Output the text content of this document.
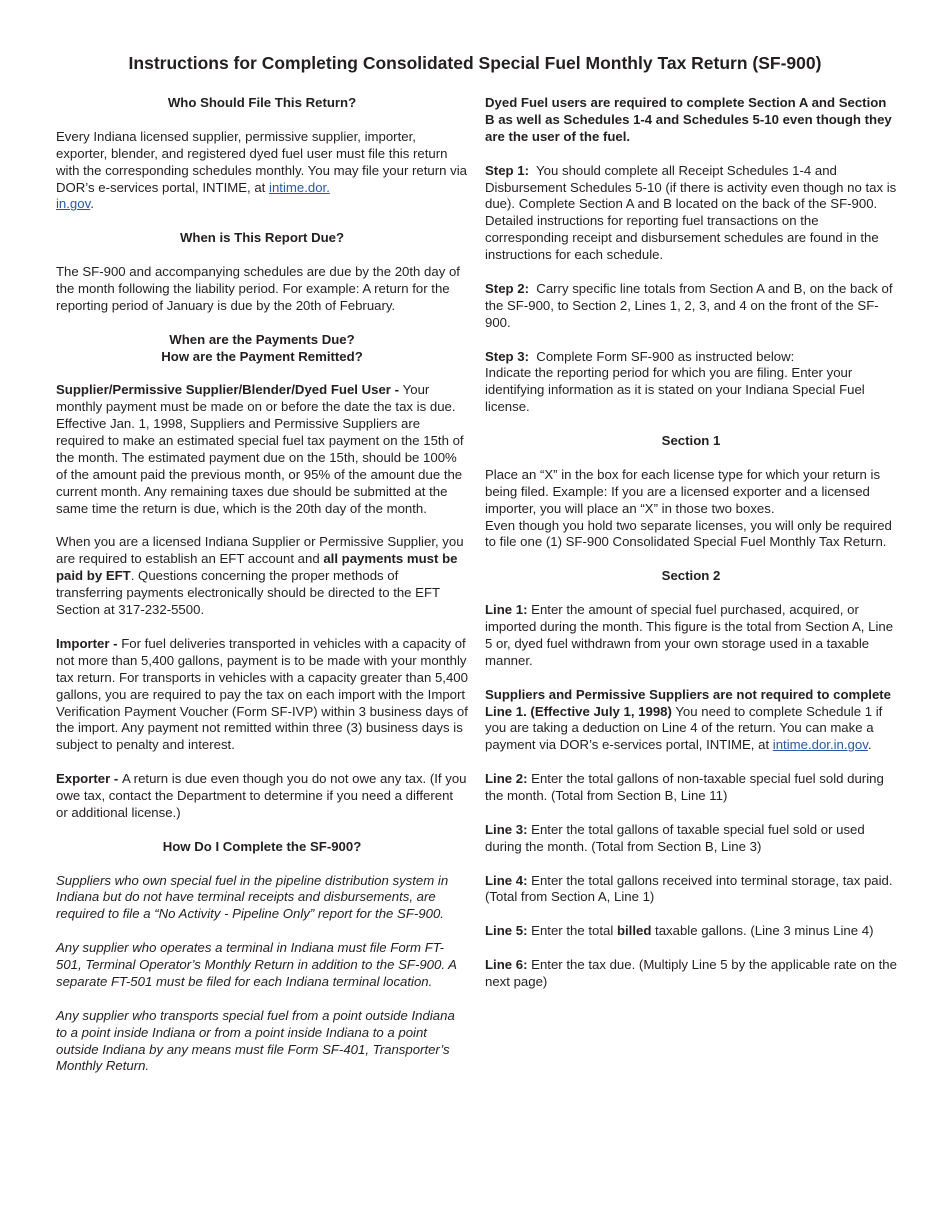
Instructions for Completing Consolidated Special Fuel Monthly Tax Return (SF-900)
Who Should File This Return?

Every Indiana licensed supplier, permissive supplier, importer, exporter, blender, and registered dyed fuel user must file this return with the corresponding schedules monthly. You may file your return via DOR’s e-services portal, INTIME, at intime.dor.
in.gov.

When is This Report Due?

The SF-900 and accompanying schedules are due by the 20th day of the month following the liability period. For example: A return for the reporting period of January is due by the 20th of February.

When are the Payments Due?
How are the Payment Remitted?

Supplier/Permissive Supplier/Blender/Dyed Fuel User - Your monthly payment must be made on or before the date the tax is due. Effective Jan. 1, 1998, Suppliers and Permissive Suppliers are required to make an estimated special fuel tax payment on the 15th of the month. The estimated payment due on the 15th, should be 100% of the amount paid the previous month, or 95% of the amount due the current month. Any remaining taxes due should be submitted at the same time the return is due, which is the 20th day of the month.

When you are a licensed Indiana Supplier or Permissive Supplier, you are required to establish an EFT account and all payments must be paid by EFT. Questions concerning the proper methods of transferring payments electronically should be directed to the EFT Section at 317-232-5500.

Importer - For fuel deliveries transported in vehicles with a capacity of not more than 5,400 gallons, payment is to be made with your monthly tax return. For transports in vehicles with a capacity greater than 5,400 gallons, you are required to pay the tax on each import with the Import Verification Payment Voucher (Form SF-IVP) within 3 business days of the import. Any payment not remitted within three (3) business days is subject to penalty and interest.

Exporter - A return is due even though you do not owe any tax. (If you owe tax, contact the Department to determine if you need a different or additional license.)

How Do I Complete the SF-900?

Suppliers who own special fuel in the pipeline distribution system in Indiana but do not have terminal receipts and disbursements, are required to file a “No Activity - Pipeline Only” report for the SF-900.

Any supplier who operates a terminal in Indiana must file Form FT-501, Terminal Operator’s Monthly Return in addition to the SF-900. A separate FT-501 must be filed for each Indiana terminal location.

Any supplier who transports special fuel from a point outside Indiana to a point inside Indiana or from a point inside Indiana to a point outside Indiana by any means must file Form SF-401, Transporter’s Monthly Return.

Dyed Fuel users are required to complete Section A and Section B as well as Schedules 1-4 and Schedules 5-10 even though they are the user of the fuel.

Step 1:  You should complete all Receipt Schedules 1-4 and Disbursement Schedules 5-10 (if there is activity even though no tax is due). Complete Section A and B located on the back of the SF-900. Detailed instructions for reporting fuel transactions on the corresponding receipt and disbursement schedules are found in the instructions for each schedule.

Step 2:  Carry specific line totals from Section A and B, on the back of the SF-900, to Section 2, Lines 1, 2, 3, and 4 on the front of the SF-900.

Step 3:  Complete Form SF-900 as instructed below:
Indicate the reporting period for which you are filing. Enter your identifying information as it is stated on your Indiana Special Fuel license.

Section 1

Place an “X” in the box for each license type for which your return is being filed. Example: If you are a licensed exporter and a licensed importer, you will place an “X” in those two boxes.
Even though you hold two separate licenses, you will only be required to file one (1) SF-900 Consolidated Special Fuel Monthly Tax Return.

Section 2

Line 1: Enter the amount of special fuel purchased, acquired, or imported during the month. This figure is the total from Section A, Line 5 or, dyed fuel withdrawn from your own storage used in a taxable manner.

Suppliers and Permissive Suppliers are not required to complete Line 1. (Effective July 1, 1998) You need to complete Schedule 1 if you are taking a deduction on Line 4 of the return. You can make a payment via DOR’s e-services portal, INTIME, at intime.dor.in.gov.

Line 2: Enter the total gallons of non-taxable special fuel sold during the month. (Total from Section B, Line 11)

Line 3: Enter the total gallons of taxable special fuel sold or used during the month. (Total from Section B, Line 3)

Line 4: Enter the total gallons received into terminal storage, tax paid. (Total from Section A, Line 1)

Line 5: Enter the total billed taxable gallons. (Line 3 minus Line 4)

Line 6: Enter the tax due. (Multiply Line 5 by the applicable rate on the next page)
